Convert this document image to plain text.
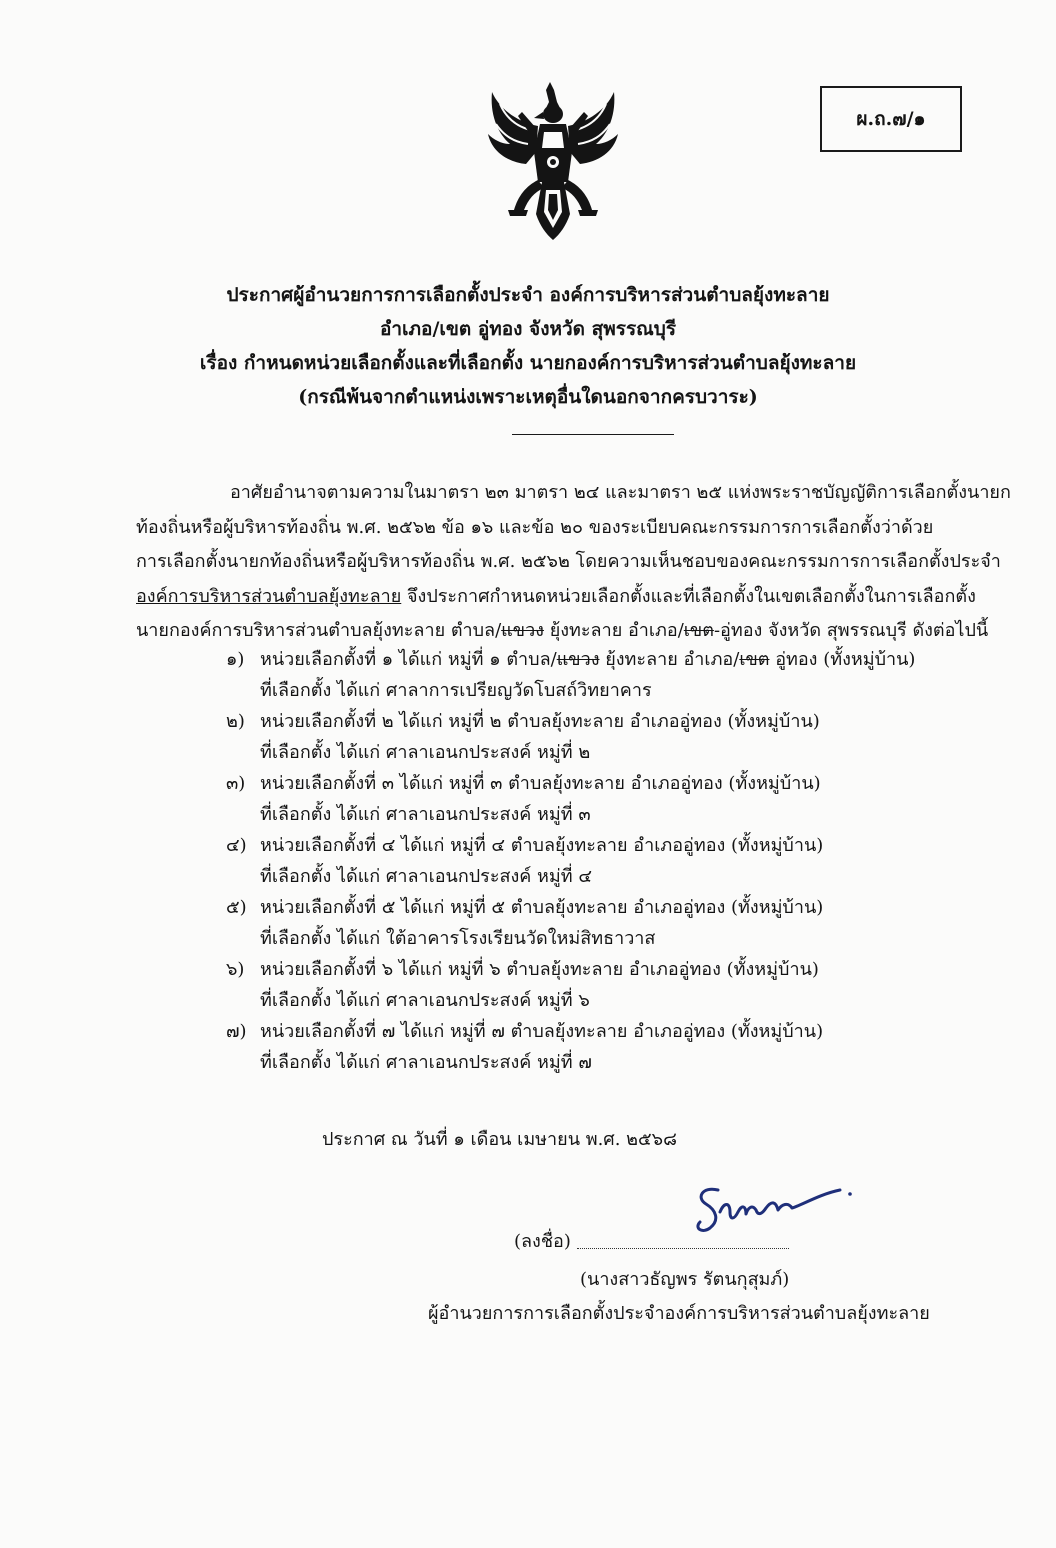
ผ.ถ.๗/๑
ประกาศผู้อำนวยการการเลือกตั้งประจำ องค์การบริหารส่วนตำบลยุ้งทะลาย
อำเภอ/เขต อู่ทอง จังหวัด สุพรรณบุรี
เรื่อง กำหนดหน่วยเลือกตั้งและที่เลือกตั้ง นายกองค์การบริหารส่วนตำบลยุ้งทะลาย
(กรณีพ้นจากตำแหน่งเพราะเหตุอื่นใดนอกจากครบวาระ)
อาศัยอำนาจตามความในมาตรา ๒๓ มาตรา ๒๔ และมาตรา ๒๕ แห่งพระราชบัญญัติการเลือกตั้งนายก
ท้องถิ่นหรือผู้บริหารท้องถิ่น พ.ศ. ๒๕๖๒ ข้อ ๑๖ และข้อ ๒๐ ของระเบียบคณะกรรมการการเลือกตั้งว่าด้วย
การเลือกตั้งนายกท้องถิ่นหรือผู้บริหารท้องถิ่น พ.ศ. ๒๕๖๒ โดยความเห็นชอบของคณะกรรมการการเลือกตั้งประจำ
องค์การบริหารส่วนตำบลยุ้งทะลาย จึงประกาศกำหนดหน่วยเลือกตั้งและที่เลือกตั้งในเขตเลือกตั้งในการเลือกตั้ง
นายกองค์การบริหารส่วนตำบลยุ้งทะลาย ตำบล/แขวง ยุ้งทะลาย อำเภอ/เขต-อู่ทอง จังหวัด สุพรรณบุรี ดังต่อไปนี้
๑) หน่วยเลือกตั้งที่ ๑ ได้แก่ หมู่ที่ ๑ ตำบล/แขวง ยุ้งทะลาย อำเภอ/เขต อู่ทอง (ทั้งหมู่บ้าน)
ที่เลือกตั้ง ได้แก่ ศาลาการเปรียญวัดโบสถ์วิทยาคาร
๒) หน่วยเลือกตั้งที่ ๒ ได้แก่ หมู่ที่ ๒ ตำบลยุ้งทะลาย อำเภออู่ทอง (ทั้งหมู่บ้าน)
ที่เลือกตั้ง ได้แก่ ศาลาเอนกประสงค์ หมู่ที่ ๒
๓) หน่วยเลือกตั้งที่ ๓ ได้แก่ หมู่ที่ ๓ ตำบลยุ้งทะลาย อำเภออู่ทอง (ทั้งหมู่บ้าน)
ที่เลือกตั้ง ได้แก่ ศาลาเอนกประสงค์ หมู่ที่ ๓
๔) หน่วยเลือกตั้งที่ ๔ ได้แก่ หมู่ที่ ๔ ตำบลยุ้งทะลาย อำเภออู่ทอง (ทั้งหมู่บ้าน)
ที่เลือกตั้ง ได้แก่ ศาลาเอนกประสงค์ หมู่ที่ ๔
๕) หน่วยเลือกตั้งที่ ๕ ได้แก่ หมู่ที่ ๕ ตำบลยุ้งทะลาย อำเภออู่ทอง (ทั้งหมู่บ้าน)
ที่เลือกตั้ง ได้แก่ ใต้อาคารโรงเรียนวัดใหม่สิทธาวาส
๖) หน่วยเลือกตั้งที่ ๖ ได้แก่ หมู่ที่ ๖ ตำบลยุ้งทะลาย อำเภออู่ทอง (ทั้งหมู่บ้าน)
ที่เลือกตั้ง ได้แก่ ศาลาเอนกประสงค์ หมู่ที่ ๖
๗) หน่วยเลือกตั้งที่ ๗ ได้แก่ หมู่ที่ ๗ ตำบลยุ้งทะลาย อำเภออู่ทอง (ทั้งหมู่บ้าน)
ที่เลือกตั้ง ได้แก่ ศาลาเอนกประสงค์ หมู่ที่ ๗
ประกาศ ณ วันที่ ๑ เดือน เมษายน พ.ศ. ๒๕๖๘
(ลงชื่อ)
(นางสาวธัญพร รัตนกุสุมภ์)
ผู้อำนวยการการเลือกตั้งประจำองค์การบริหารส่วนตำบลยุ้งทะลาย
